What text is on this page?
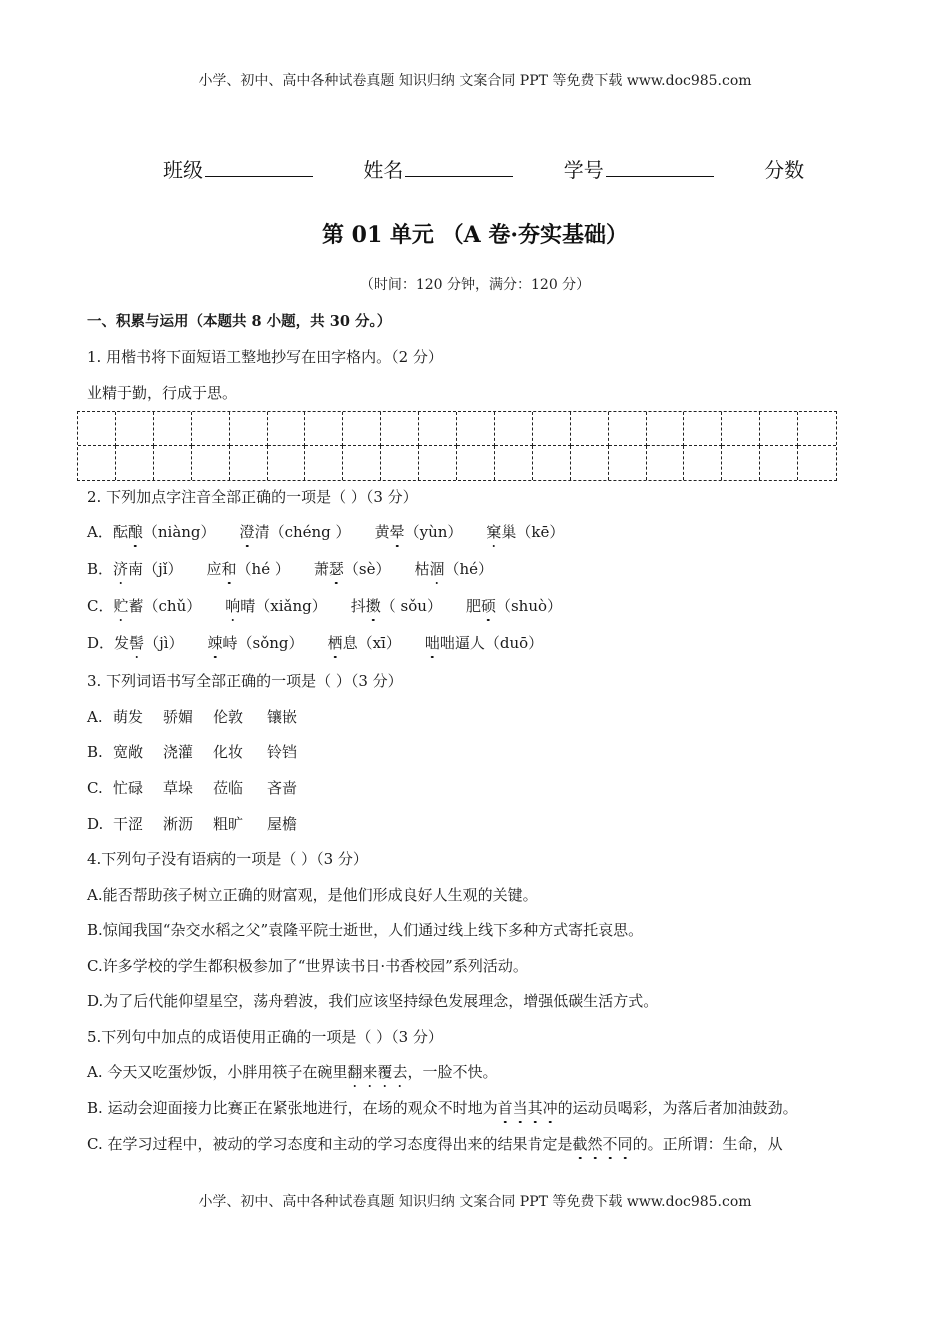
小学、初中、高中各种试卷真题 知识归纳 文案合同 PPT 等免费下载 www.doc985.com
班级	姓名	学号	分数
第 01 单元 （A 卷·夯实基础）
（时间：120 分钟，满分：120 分）
一、积累与运用（本题共 8 小题，共 30 分。）
1. 用楷书将下面短语工整地抄写在田字格内。（2 分）
业精于勤，行成于思。
2. 下列加点字注音全部正确的一项是（ ）（3 分）
A．酝酿（niàng） 澄清（chéng ） 黄晕（yùn） 窠巢（kē）
B．济南（jǐ） 应和（hé ） 萧瑟（sè） 枯涸（hé）
C．贮蓄（chǔ） 响晴（xiǎng） 抖擞（ sǒu） 肥硕（shuò）
D．发髻（jì） 竦峙（sǒng） 栖息（xī） 咄咄逼人（duō）
3. 下列词语书写全部正确的一项是（ ）（3 分）
A. 萌发 骄媚 伦敦 镶嵌
B. 宽敞 浇灌 化妆 铃铛
C. 忙碌 草垛 莅临 吝啬
D. 干涩 淅沥 粗旷 屋檐
4.下列句子没有语病的一项是（ ）（3 分）
A.能否帮助孩子树立正确的财富观，是他们形成良好人生观的关键。
B.惊闻我国“杂交水稻之父”袁隆平院士逝世，人们通过线上线下多种方式寄托哀思。
C.许多学校的学生都积极参加了“世界读书日·书香校园”系列活动。
D.为了后代能仰望星空，荡舟碧波，我们应该坚持绿色发展理念，增强低碳生活方式。
5.下列句中加点的成语使用正确的一项是（ ）（3 分）
A. 今天又吃蛋炒饭，小胖用筷子在碗里翻来覆去，一脸不快。
B. 运动会迎面接力比赛正在紧张地进行，在场的观众不时地为首当其冲的运动员喝彩，为落后者加油鼓劲。
C. 在学习过程中，被动的学习态度和主动的学习态度得出来的结果肯定是截然不同的。正所谓：生命，从
小学、初中、高中各种试卷真题 知识归纳 文案合同 PPT 等免费下载 www.doc985.com
